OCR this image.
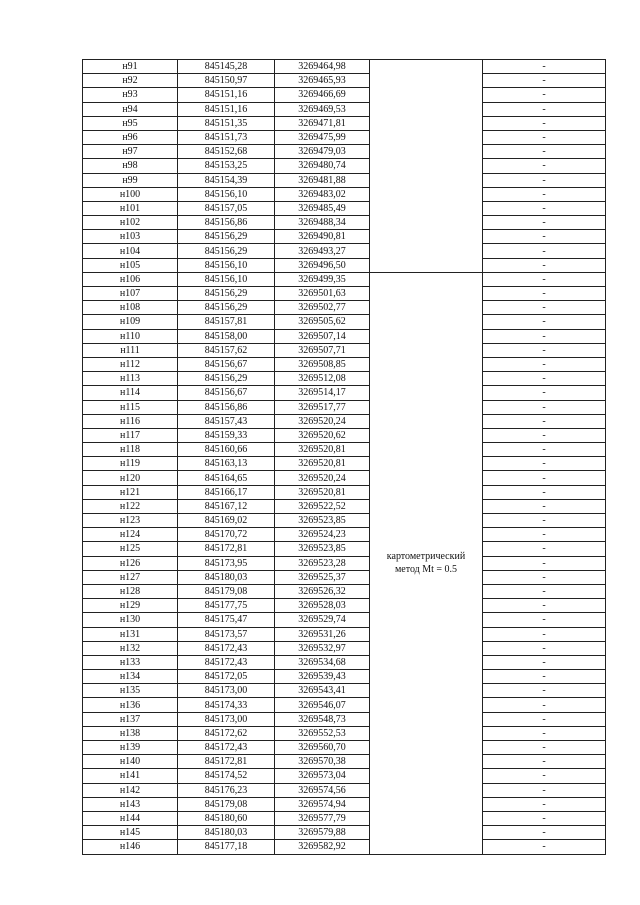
н91	845145,28	3269464,98		-
н92	845150,97	3269465,93		-
н93	845151,16	3269466,69		-
н94	845151,16	3269469,53		-
н95	845151,35	3269471,81		-
н96	845151,73	3269475,99		-
н97	845152,68	3269479,03		-
н98	845153,25	3269480,74		-
н99	845154,39	3269481,88		-
н100	845156,10	3269483,02		-
н101	845157,05	3269485,49		-
н102	845156,86	3269488,34		-
н103	845156,29	3269490,81		-
н104	845156,29	3269493,27		-
н105	845156,10	3269496,50		-
н106	845156,10	3269499,35	картометрический
метод Mt = 0.5	-
н107	845156,29	3269501,63		-
н108	845156,29	3269502,77		-
н109	845157,81	3269505,62		-
н110	845158,00	3269507,14		-
н111	845157,62	3269507,71		-
н112	845156,67	3269508,85		-
н113	845156,29	3269512,08		-
н114	845156,67	3269514,17		-
н115	845156,86	3269517,77		-
н116	845157,43	3269520,24		-
н117	845159,33	3269520,62		-
н118	845160,66	3269520,81		-
н119	845163,13	3269520,81		-
н120	845164,65	3269520,24		-
н121	845166,17	3269520,81		-
н122	845167,12	3269522,52		-
н123	845169,02	3269523,85		-
н124	845170,72	3269524,23		-
н125	845172,81	3269523,85		-
н126	845173,95	3269523,28		-
н127	845180,03	3269525,37		-
н128	845179,08	3269526,32		-
н129	845177,75	3269528,03		-
н130	845175,47	3269529,74		-
н131	845173,57	3269531,26		-
н132	845172,43	3269532,97		-
н133	845172,43	3269534,68		-
н134	845172,05	3269539,43		-
н135	845173,00	3269543,41		-
н136	845174,33	3269546,07		-
н137	845173,00	3269548,73		-
н138	845172,62	3269552,53		-
н139	845172,43	3269560,70		-
н140	845172,81	3269570,38		-
н141	845174,52	3269573,04		-
н142	845176,23	3269574,56		-
н143	845179,08	3269574,94		-
н144	845180,60	3269577,79		-
н145	845180,03	3269579,88		-
н146	845177,18	3269582,92		-
